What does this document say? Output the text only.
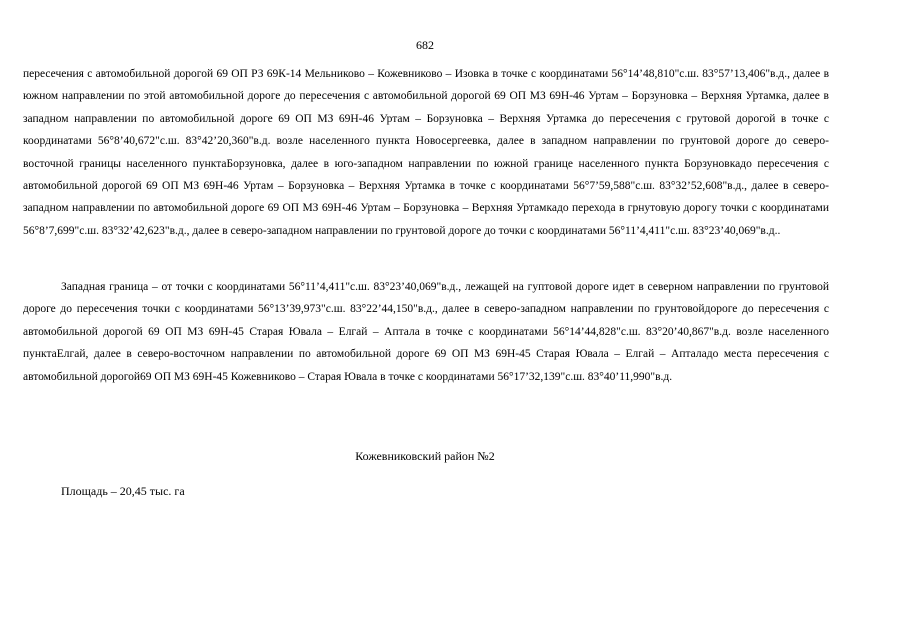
682

пересечения с автомобильной дорогой 69 ОП РЗ 69К-14 Мельниково – Кожевниково – Изовка в точке с координатами 56°14’48,810"с.ш. 83°57’13,406"в.д., далее в южном направлении по этой автомобильной дороге до пересечения с автомобильной дорогой 69 ОП МЗ 69Н-46 Уртам – Борзуновка – Верхняя Уртамка, далее в западном направлении по автомобильной дороге 69 ОП МЗ 69Н-46 Уртам – Борзуновка – Верхняя Уртамка до пересечения с грутовой дорогой в точке с координатами 56°8’40,672"с.ш. 83°42’20,360"в.д. возле населенного пункта Новосергеевка, далее в западном направлении по грунтовой дороге до северо-восточной границы населенного пунктаБорзуновка, далее в юго-западном направлении по южной границе населенного пункта Борзуновкадо пересечения с автомобильной дорогой 69 ОП МЗ 69Н-46 Уртам – Борзуновка – Верхняя Уртамка в точке с координатами 56°7’59,588"с.ш. 83°32’52,608"в.д., далее в северо-западном направлении по автомобильной дороге 69 ОП МЗ 69Н-46 Уртам – Борзуновка – Верхняя Уртамкадо перехода в грнутовую дорогу точки с координатами 56°8’7,699"с.ш. 83°32’42,623"в.д., далее в северо-западном направлении по грунтовой дороге до точки с координатами 56°11’4,411"с.ш. 83°23’40,069"в.д..

Западная граница – от точки с координатами 56°11’4,411"с.ш. 83°23’40,069"в.д., лежащей на гуптовой дороге идет в северном направлении по грунтовой дороге до пересечения точки с координатами 56°13’39,973"с.ш. 83°22’44,150"в.д., далее в северо-западном направлении по грунтовойдороге до пересечения с автомобильной дорогой 69 ОП МЗ 69Н-45 Старая Ювала – Елгай – Аптала в точке с координатами 56°14’44,828"с.ш. 83°20’40,867"в.д. возле населенного пунктаЕлгай, далее в северо-восточном направлении по автомобильной дороге 69 ОП МЗ 69Н-45 Старая Ювала – Елгай – Апталадо места пересечения с автомобильной дорогой69 ОП МЗ 69Н-45 Кожевниково – Старая Ювала в точке с координатами 56°17’32,139"с.ш. 83°40’11,990"в.д.

Кожевниковский район №2
Площадь – 20,45 тыс. га
